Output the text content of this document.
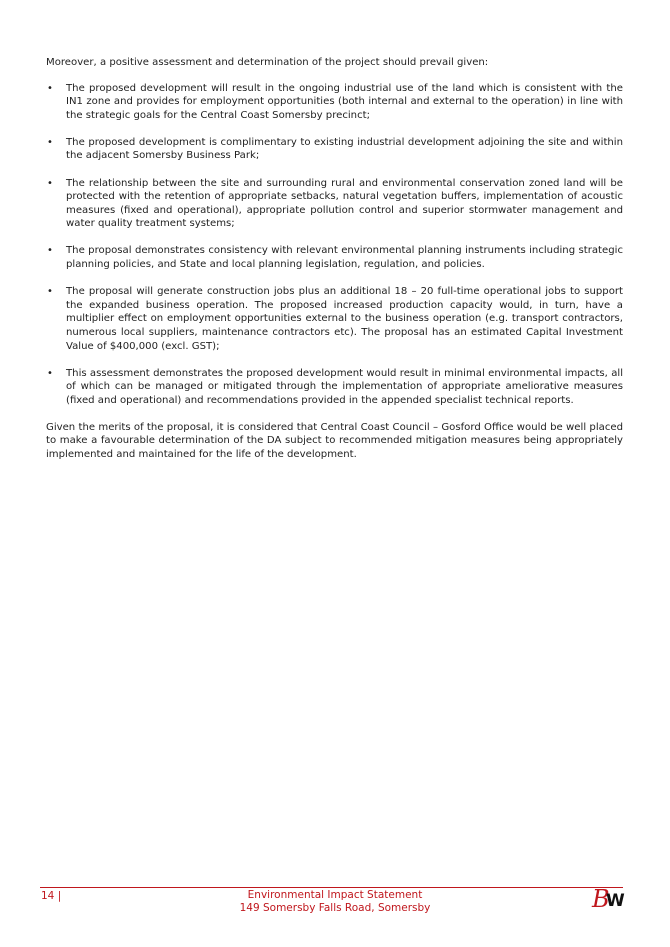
Moreover, a positive assessment and determination of the project should prevail given:

• The proposed development will result in the ongoing industrial use of the land which is consistent with the IN1 zone and provides for employment opportunities (both internal and external to the operation) in line with the strategic goals for the Central Coast Somersby precinct;
• The proposed development is complimentary to existing industrial development adjoining the site and within the adjacent Somersby Business Park;
• The relationship between the site and surrounding rural and environmental conservation zoned land will be protected with the retention of appropriate setbacks, natural vegetation buffers, implementation of acoustic measures (fixed and operational), appropriate pollution control and superior stormwater management and water quality treatment systems;
• The proposal demonstrates consistency with relevant environmental planning instruments including strategic planning policies, and State and local planning legislation, regulation, and policies.
• The proposal will generate construction jobs plus an additional 18 – 20 full-time operational jobs to support the expanded business operation. The proposed increased production capacity would, in turn, have a multiplier effect on employment opportunities external to the business operation (e.g. transport contractors, numerous local suppliers, maintenance contractors etc). The proposal has an estimated Capital Investment Value of $400,000 (excl. GST);
• This assessment demonstrates the proposed development would result in minimal environmental impacts, all of which can be managed or mitigated through the implementation of appropriate ameliorative measures (fixed and operational) and recommendations provided in the appended specialist technical reports.

Given the merits of the proposal, it is considered that Central Coast Council – Gosford Office would be well placed to make a favourable determination of the DA subject to recommended mitigation measures being appropriately implemented and maintained for the life of the development.

14 |	Environmental Impact Statement
149 Somersby Falls Road, Somersby	B
W
